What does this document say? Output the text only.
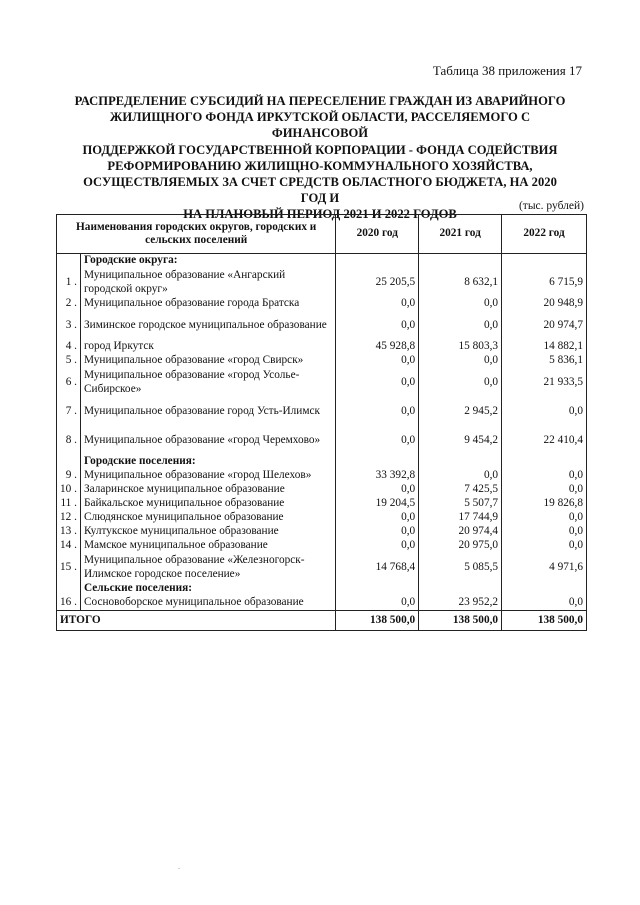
Таблица 38 приложения 17
РАСПРЕДЕЛЕНИЕ СУБСИДИЙ НА ПЕРЕСЕЛЕНИЕ ГРАЖДАН ИЗ АВАРИЙНОГО
ЖИЛИЩНОГО ФОНДА ИРКУТСКОЙ ОБЛАСТИ, РАССЕЛЯЕМОГО С ФИНАНСОВОЙ
ПОДДЕРЖКОЙ ГОСУДАРСТВЕННОЙ КОРПОРАЦИИ - ФОНДА СОДЕЙСТВИЯ
РЕФОРМИРОВАНИЮ ЖИЛИЩНО-КОММУНАЛЬНОГО ХОЗЯЙСТВА,
ОСУЩЕСТВЛЯЕМЫХ ЗА СЧЕТ СРЕДСТВ ОБЛАСТНОГО БЮДЖЕТА, НА 2020 ГОД И
НА ПЛАНОВЫЙ ПЕРИОД 2021 И 2022 ГОДОВ
(тыс. рублей)
Наименования городских округов, городских и сельских поселений		2020 год	2021 год	2022 год
	Городские округа:			
1 .	Муниципальное образование «Ангарский городской округ»	25 205,5	8 632,1	6 715,9
2 .	Муниципальное образование города Братска	0,0	0,0	20 948,9
3 .	Зиминское городское муниципальное образование	0,0	0,0	20 974,7
4 .	город Иркутск	45 928,8	15 803,3	14 882,1
5 .	Муниципальное образование «город Свирск»	0,0	0,0	5 836,1
6 .	Муниципальное образование «город Усолье-Сибирское»	0,0	0,0	21 933,5
7 .	Муниципальное образование город Усть-Илимск	0,0	2 945,2	0,0
8 .	Муниципальное образование «город Черемхово»	0,0	9 454,2	22 410,4
	Городские поселения:			
9 .	Муниципальное образование «город Шелехов»	33 392,8	0,0	0,0
10 .	Заларинское муниципальное образование	0,0	7 425,5	0,0
11 .	Байкальское муниципальное образование	19 204,5	5 507,7	19 826,8
12 .	Слюдянское муниципальное образование	0,0	17 744,9	0,0
13 .	Култукское муниципальное образование	0,0	20 974,4	0,0
14 .	Мамское муниципальное образование	0,0	20 975,0	0,0
15 .	Муниципальное образование «Железногорск-Илимское городское поселение»	14 768,4	5 085,5	4 971,6
	Сельские поселения:			
16 .	Сосновоборское муниципальное образование	0,0	23 952,2	0,0
ИТОГО		138 500,0	138 500,0	138 500,0
.
